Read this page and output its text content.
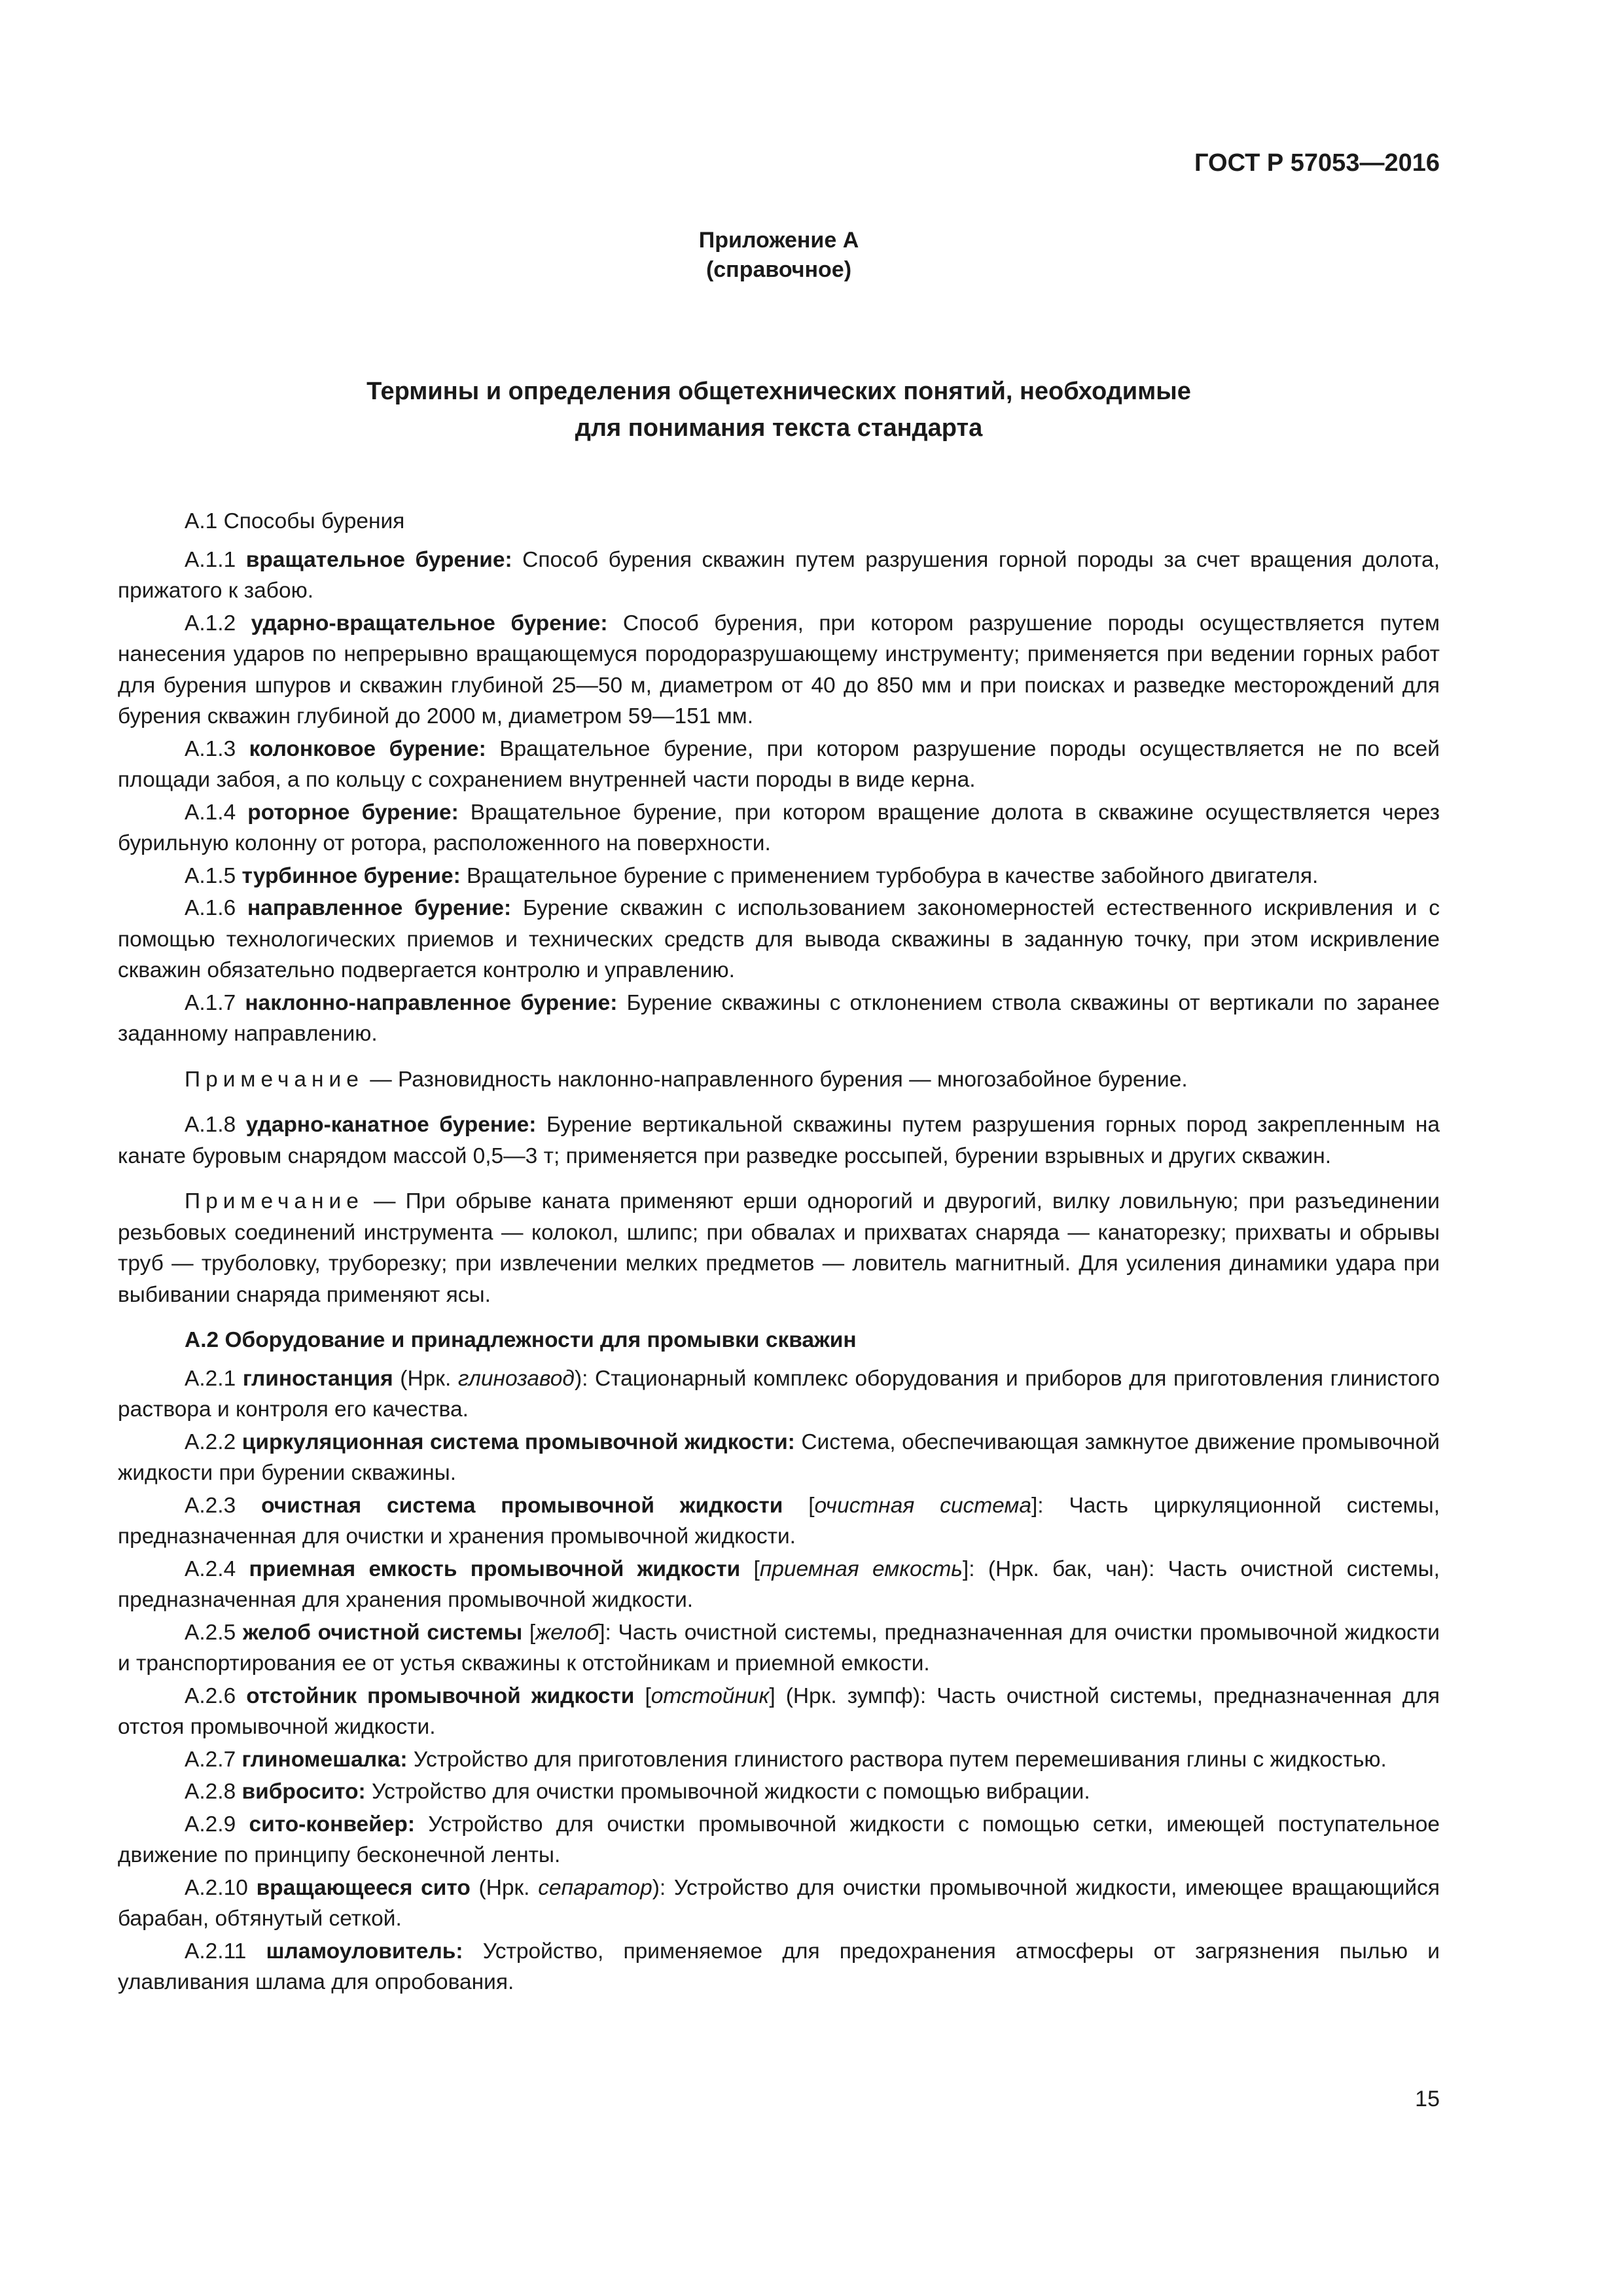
ГОСТ Р 57053—2016
Приложение А
(справочное)
Термины и определения общетехнических понятий, необходимые
для понимания текста стандарта
А.1 Способы бурения
А.1.1 вращательное бурение: Способ бурения скважин путем разрушения горной породы за счет вращения долота, прижатого к забою.
А.1.2 ударно-вращательное бурение: Способ бурения, при котором разрушение породы осуществляется путем нанесения ударов по непрерывно вращающемуся породоразрушающему инструменту; применяется при ведении горных работ для бурения шпуров и скважин глубиной 25—50 м, диаметром от 40 до 850 мм и при поисках и разведке месторождений для бурения скважин глубиной до 2000 м, диаметром 59—151 мм.
А.1.3 колонковое бурение: Вращательное бурение, при котором разрушение породы осуществляется не по всей площади забоя, а по кольцу с сохранением внутренней части породы в виде керна.
А.1.4 роторное бурение: Вращательное бурение, при котором вращение долота в скважине осуществляется через бурильную колонну от ротора, расположенного на поверхности.
А.1.5 турбинное бурение: Вращательное бурение с применением турбобура в качестве забойного двигателя.
А.1.6 направленное бурение: Бурение скважин с использованием закономерностей естественного искривления и с помощью технологических приемов и технических средств для вывода скважины в заданную точку, при этом искривление скважин обязательно подвергается контролю и управлению.
А.1.7 наклонно-направленное бурение: Бурение скважины с отклонением ствола скважины от вертикали по заранее заданному направлению.
Примечание — Разновидность наклонно-направленного бурения — многозабойное бурение.
А.1.8 ударно-канатное бурение: Бурение вертикальной скважины путем разрушения горных пород закрепленным на канате буровым снарядом массой 0,5—3 т; применяется при разведке россыпей, бурении взрывных и других скважин.
Примечание — При обрыве каната применяют ерши однорогий и двурогий, вилку ловильную; при разъединении резьбовых соединений инструмента — колокол, шлипс; при обвалах и прихватах снаряда — канаторезку; прихваты и обрывы труб — труболовку, труборезку; при извлечении мелких предметов — ловитель магнитный. Для усиления динамики удара при выбивании снаряда применяют ясы.
А.2 Оборудование и принадлежности для промывки скважин
А.2.1 глиностанция (Нрк. глинозавод): Стационарный комплекс оборудования и приборов для приготовления глинистого раствора и контроля его качества.
А.2.2 циркуляционная система промывочной жидкости: Система, обеспечивающая замкнутое движение промывочной жидкости при бурении скважины.
А.2.3 очистная система промывочной жидкости [очистная система]: Часть циркуляционной системы, предназначенная для очистки и хранения промывочной жидкости.
А.2.4 приемная емкость промывочной жидкости [приемная емкость]: (Нрк. бак, чан): Часть очистной системы, предназначенная для хранения промывочной жидкости.
А.2.5 желоб очистной системы [желоб]: Часть очистной системы, предназначенная для очистки промывочной жидкости и транспортирования ее от устья скважины к отстойникам и приемной емкости.
А.2.6 отстойник промывочной жидкости [отстойник] (Нрк. зумпф): Часть очистной системы, предназначенная для отстоя промывочной жидкости.
А.2.7 глиномешалка: Устройство для приготовления глинистого раствора путем перемешивания глины с жидкостью.
А.2.8 вибросито: Устройство для очистки промывочной жидкости с помощью вибрации.
А.2.9 сито-конвейер: Устройство для очистки промывочной жидкости с помощью сетки, имеющей поступательное движение по принципу бесконечной ленты.
А.2.10 вращающееся сито (Нрк. сепаратор): Устройство для очистки промывочной жидкости, имеющее вращающийся барабан, обтянутый сеткой.
А.2.11 шламоуловитель: Устройство, применяемое для предохранения атмосферы от загрязнения пылью и улавливания шлама для опробования.
15
